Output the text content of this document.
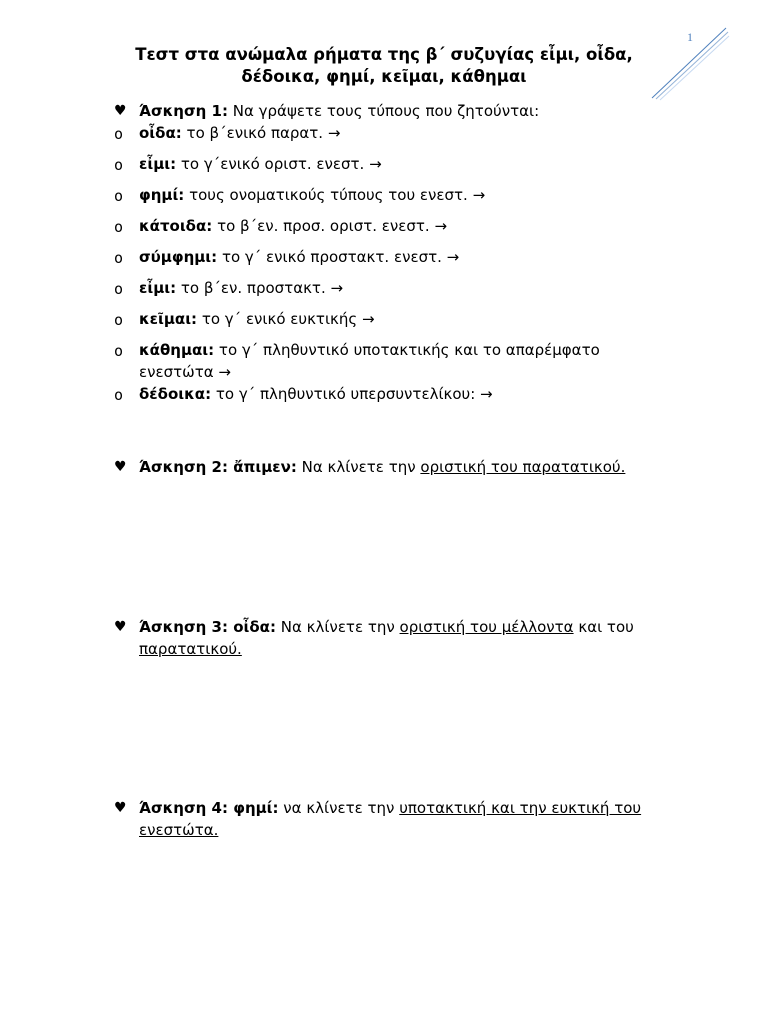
1
Τεστ στα ανώμαλα ρήματα της β΄ συζυγίας εἶμι, οἶδα,
δέδοικα, φημί, κεῖμαι, κάθημαι
♥ Άσκηση 1: Να γράψετε τους τύπους που ζητούνται:
o οἶδα: το β΄ενικό παρατ. →
o εἶμι: το γ΄ενικό οριστ. ενεστ. →
o φημί: τους ονοματικούς τύπους του ενεστ. →
o κάτοιδα: το β΄εν. προσ. οριστ. ενεστ. →
o σύμφημι: το γ΄ ενικό προστακτ. ενεστ. →
o εἶμι: το β΄εν. προστακτ. →
o κεῖμαι: το γ΄ ενικό ευκτικής →
o κάθημαι: το γ΄ πληθυντικό υποτακτικής και το απαρέμφατο ενεστώτα →
o δέδοικα: το γ΄ πληθυντικό υπερσυντελίκου: →
♥ Άσκηση 2: ἄπιμεν: Να κλίνετε την οριστική του παρατατικού.
♥ Άσκηση 3: οἶδα: Να κλίνετε την οριστική του μέλλοντα και του παρατατικού.
♥ Άσκηση 4: φημί: να κλίνετε την υποτακτική και την ευκτική του ενεστώτα.
